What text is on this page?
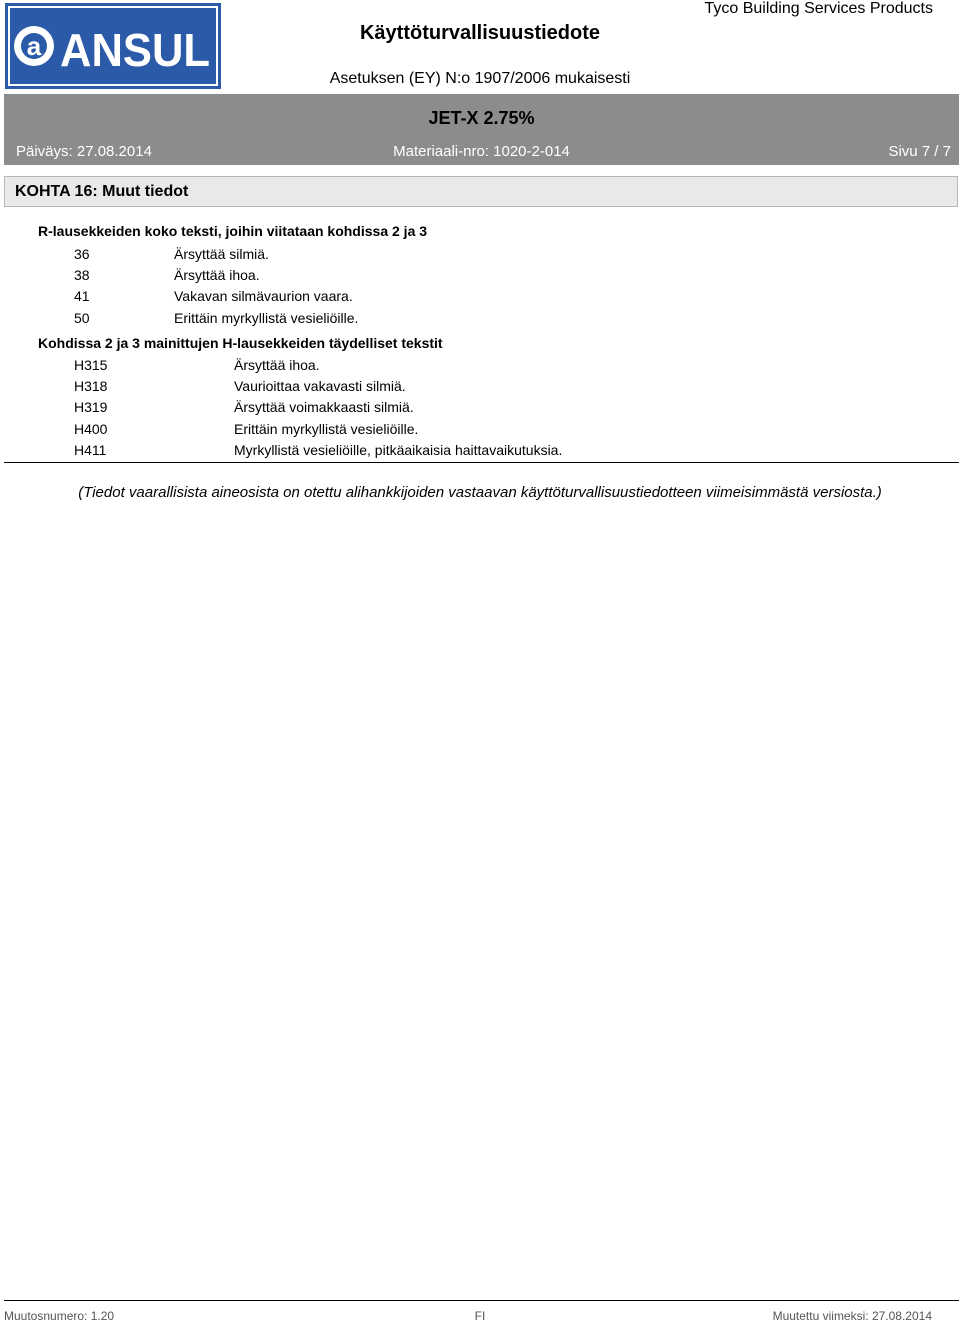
a ANSUL	Käyttöturvallisuustiedote
Tyco Building Services Products
Asetuksen (EY) N:o 1907/2006 mukaisesti
JET-X 2.75%
Päiväys: 27.08.2014	Materiaali-nro: 1020-2-014	Sivu 7 / 7
KOHTA 16: Muut tiedot
R-lausekkeiden koko teksti, joihin viitataan kohdissa 2 ja 3
36	Ärsyttää silmiä.
38	Ärsyttää ihoa.
41	Vakavan silmävaurion vaara.
50	Erittäin myrkyllistä vesieliöille.
Kohdissa 2 ja 3 mainittujen H-lausekkeiden täydelliset tekstit
H315	Ärsyttää ihoa.
H318	Vaurioittaa vakavasti silmiä.
H319	Ärsyttää voimakkaasti silmiä.
H400	Erittäin myrkyllistä vesieliöille.
H411	Myrkyllistä vesieliöille, pitkäaikaisia haittavaikutuksia.
(Tiedot vaarallisista aineosista on otettu alihankkijoiden vastaavan käyttöturvallisuustiedotteen viimeisimmästä versiosta.)
Muutosnumero: 1.20	FI	Muutettu viimeksi: 27.08.2014
